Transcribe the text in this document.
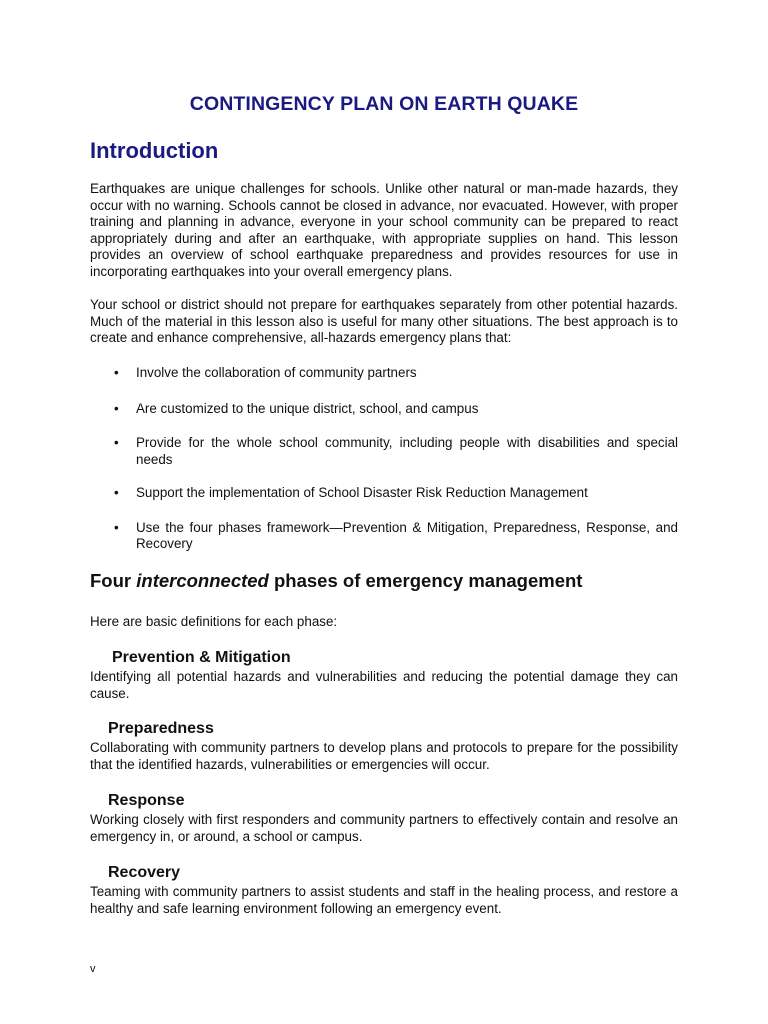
CONTINGENCY PLAN ON EARTH QUAKE
Introduction

Earthquakes are unique challenges for schools. Unlike other natural or man-made hazards, they occur with no warning. Schools cannot be closed in advance, nor evacuated. However, with proper training and planning in advance, everyone in your school community can be prepared to react appropriately during and after an earthquake, with appropriate supplies on hand. This lesson provides an overview of school earthquake preparedness and provides resources for use in incorporating earthquakes into your overall emergency plans.

Your school or district should not prepare for earthquakes separately from other potential hazards. Much of the material in this lesson also is useful for many other situations. The best approach is to create and enhance comprehensive, all-hazards emergency plans that:

• Involve the collaboration of community partners
• Are customized to the unique district, school, and campus
• Provide for the whole school community, including people with disabilities and special needs
• Support the implementation of School Disaster Risk Reduction Management
• Use the four phases framework—Prevention & Mitigation, Preparedness, Response, and Recovery
Four interconnected phases of emergency management

Here are basic definitions for each phase:

Prevention & Mitigation

Identifying all potential hazards and vulnerabilities and reducing the potential damage they can cause.

Preparedness

Collaborating with community partners to develop plans and protocols to prepare for the possibility that the identified hazards, vulnerabilities or emergencies will occur.

Response

Working closely with first responders and community partners to effectively contain and resolve an emergency in, or around, a school or campus.

Recovery

Teaming with community partners to assist students and staff in the healing process, and restore a healthy and safe learning environment following an emergency event.

v
